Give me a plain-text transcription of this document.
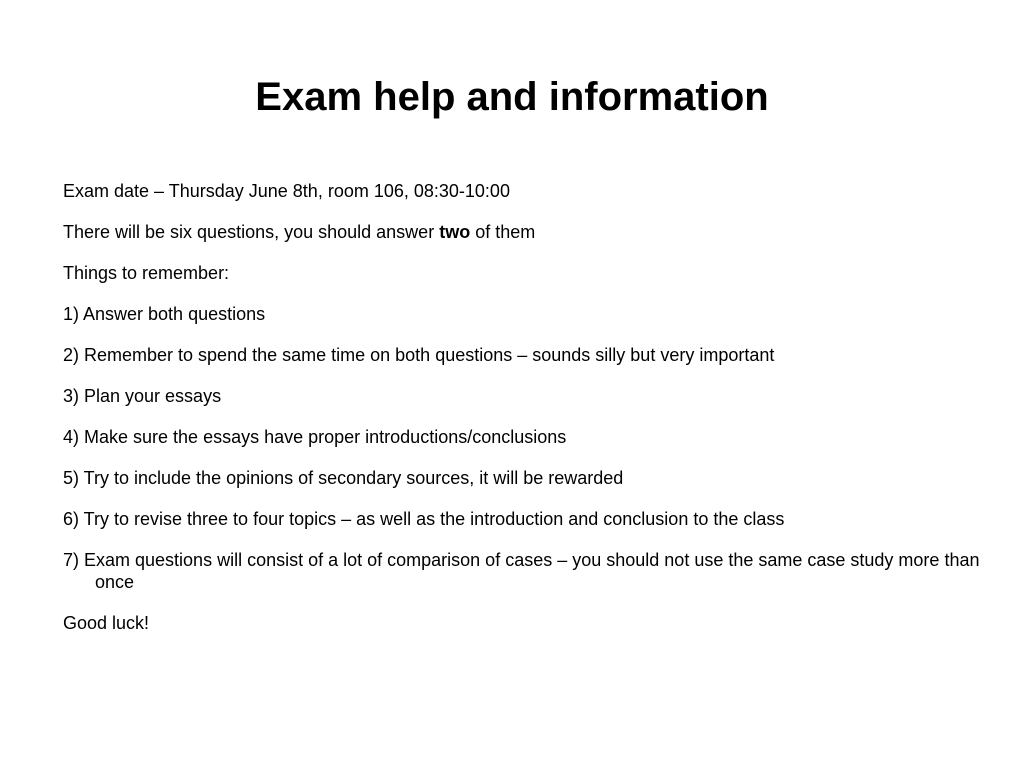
Exam help and information

Exam date – Thursday June 8th, room 106, 08:30-10:00

There will be six questions, you should answer two of them

Things to remember:

1) Answer both questions

2) Remember to spend the same time on both questions – sounds silly but very important

3) Plan your essays

4) Make sure the essays have proper introductions/conclusions

5) Try to include the opinions of secondary sources, it will be rewarded

6) Try to revise three to four topics – as well as the introduction and conclusion to the class

7) Exam questions will consist of a lot of comparison of cases – you should not use the same case study more than once

Good luck!
